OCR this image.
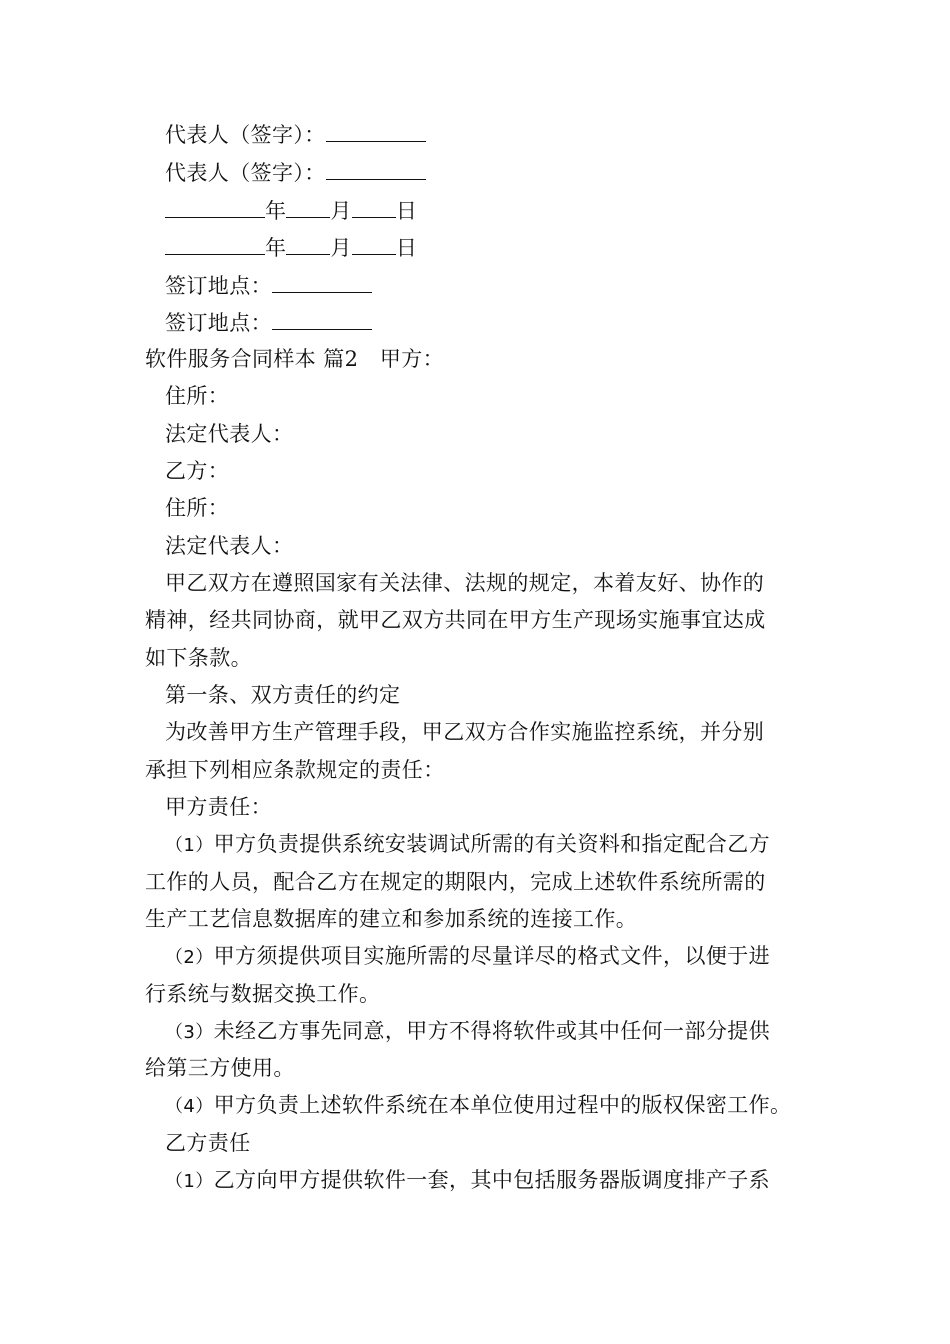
代表人（签字）：
代表人（签字）：
年 月 日
年 月 日
签订地点：
签订地点：
软件服务合同样本 篇2　甲方：
住所：
法定代表人：
乙方：
住所：
法定代表人：
甲乙双方在遵照国家有关法律、法规的规定，本着友好、协作的
精神，经共同协商，就甲乙双方共同在甲方生产现场实施事宜达成
如下条款。
第一条、双方责任的约定
为改善甲方生产管理手段，甲乙双方合作实施监控系统，并分别
承担下列相应条款规定的责任：
甲方责任：
（1）甲方负责提供系统安装调试所需的有关资料和指定配合乙方
工作的人员，配合乙方在规定的期限内，完成上述软件系统所需的
生产工艺信息数据库的建立和参加系统的连接工作。
（2）甲方须提供项目实施所需的尽量详尽的格式文件，以便于进
行系统与数据交换工作。
（3）未经乙方事先同意，甲方不得将软件或其中任何一部分提供
给第三方使用。
（4）甲方负责上述软件系统在本单位使用过程中的版权保密工作。
乙方责任
（1）乙方向甲方提供软件一套，其中包括服务器版调度排产子系
